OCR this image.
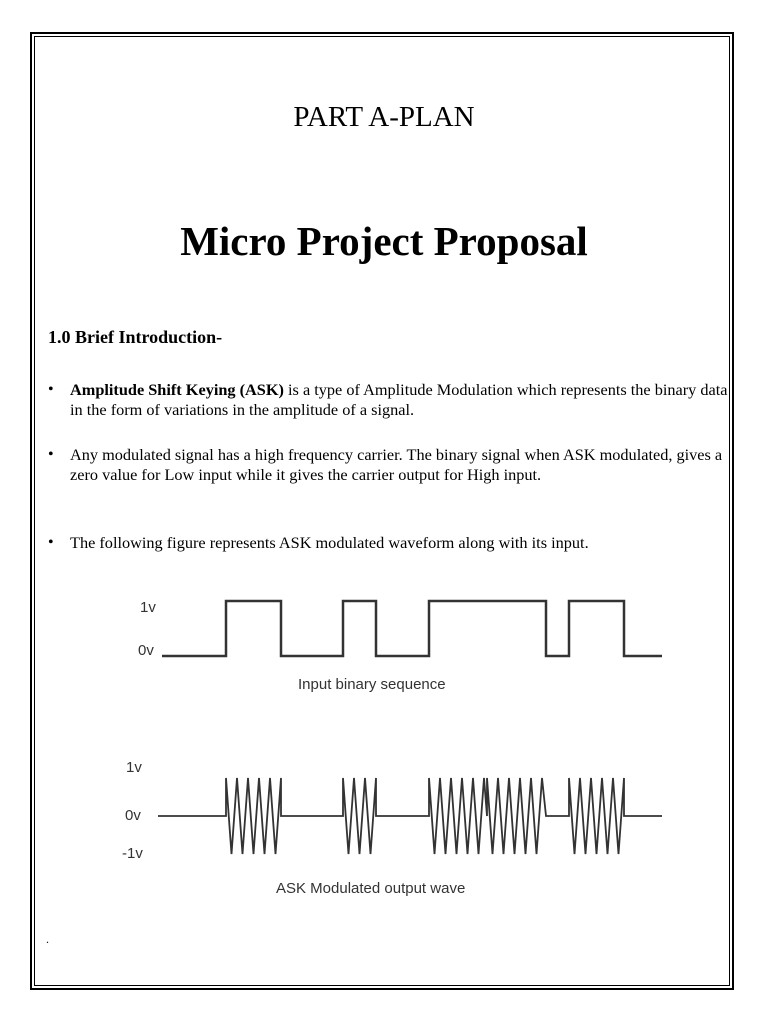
PART A-PLAN
Micro Project Proposal
1.0 Brief Introduction-
•	Amplitude Shift Keying (ASK) is a type of Amplitude Modulation which represents the binary data in the form of variations in the amplitude of a signal.
•	Any modulated signal has a high frequency carrier. The binary signal when ASK modulated, gives a zero value for Low input while it gives the carrier output for High input.
•	The following figure represents ASK modulated waveform along with its input.
1v
0v
Input binary sequence
1v
0v
-1v
ASK Modulated output wave
.
